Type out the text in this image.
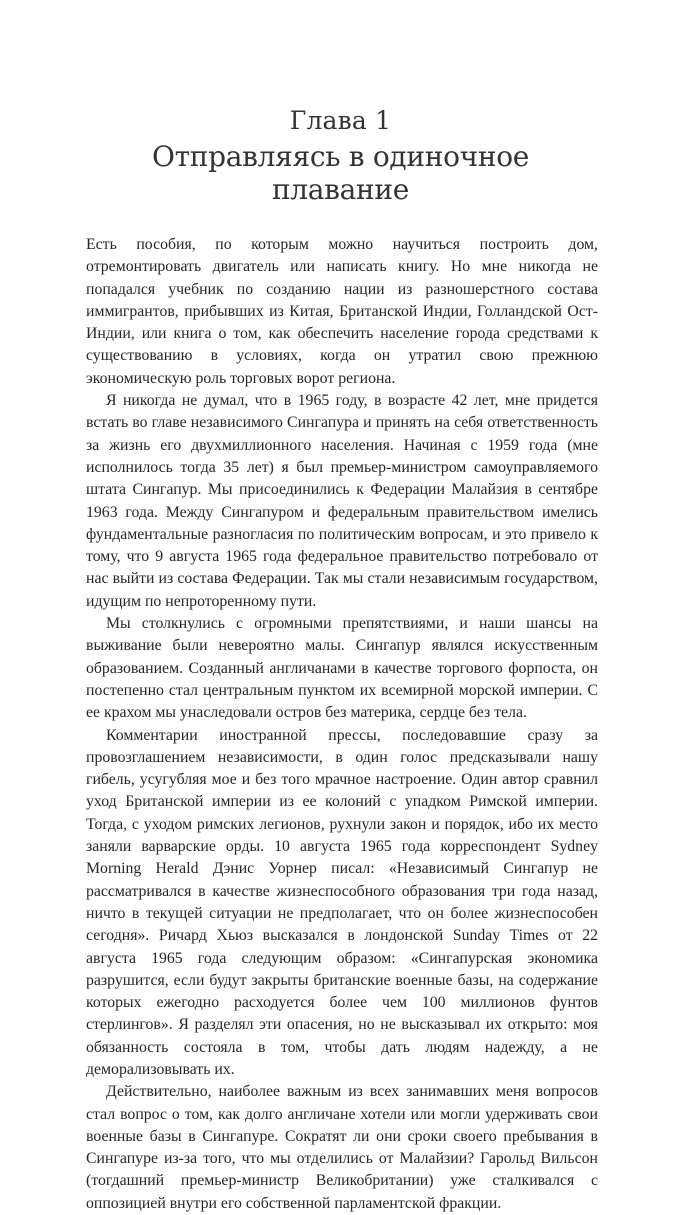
Глава 1
Отправляясь в одиночное
плавание

Есть пособия, по которым можно научиться построить дом, отремонтировать двигатель или написать книгу. Но мне никогда не попадался учебник по созданию нации из разношерстного состава иммигрантов, прибывших из Китая, Британской Индии, Голландской Ост-Индии, или книга о том, как обеспечить население города средствами к существованию в условиях, когда он утратил свою прежнюю экономическую роль торговых ворот региона.

Я никогда не думал, что в 1965 году, в возрасте 42 лет, мне придется встать во главе независимого Сингапура и принять на себя ответственность за жизнь его двухмиллионного населения. Начиная с 1959 года (мне исполнилось тогда 35 лет) я был премьер-министром самоуправляемого штата Сингапур. Мы присоединились к Федерации Малайзия в сентябре 1963 года. Между Сингапуром и федеральным правительством имелись фундаментальные разногласия по политическим вопросам, и это привело к тому, что 9 августа 1965 года федеральное правительство потребовало от нас выйти из состава Федерации. Так мы стали независимым государством, идущим по непроторенному пути.

Мы столкнулись с огромными препятствиями, и наши шансы на выживание были невероятно малы. Сингапур являлся искусственным образованием. Созданный англичанами в качестве торгового форпоста, он постепенно стал центральным пунктом их всемирной морской империи. С ее крахом мы унаследовали остров без материка, сердце без тела.

Комментарии иностранной прессы, последовавшие сразу за провозглашением независимости, в один голос предсказывали нашу гибель, усугубляя мое и без того мрачное настроение. Один автор сравнил уход Британской империи из ее колоний с упадком Римской империи. Тогда, с уходом римских легионов, рухнули закон и порядок, ибо их место заняли варварские орды. 10 августа 1965 года корреспондент Sydney Morning Herald Дэнис Уорнер писал: «Независимый Сингапур не рассматривался в качестве жизнеспособного образования три года назад, ничто в текущей ситуации не предполагает, что он более жизнеспособен сегодня». Ричард Хьюз высказался в лондонской Sunday Times от 22 августа 1965 года следующим образом: «Сингапурская экономика разрушится, если будут закрыты британские военные базы, на содержание которых ежегодно расходуется более чем 100 миллионов фунтов стерлингов». Я разделял эти опасения, но не высказывал их открыто: моя обязанность состояла в том, чтобы дать людям надежду, а не деморализовывать их.

Действительно, наиболее важным из всех занимавших меня вопросов стал вопрос о том, как долго англичане хотели или могли удерживать свои военные базы в Сингапуре. Сократят ли они сроки своего пребывания в Сингапуре из-за того, что мы отделились от Малайзии? Гарольд Вильсон (тогдашний премьер-министр Великобритании) уже сталкивался с оппозицией внутри его собственной парламентской фракции.
